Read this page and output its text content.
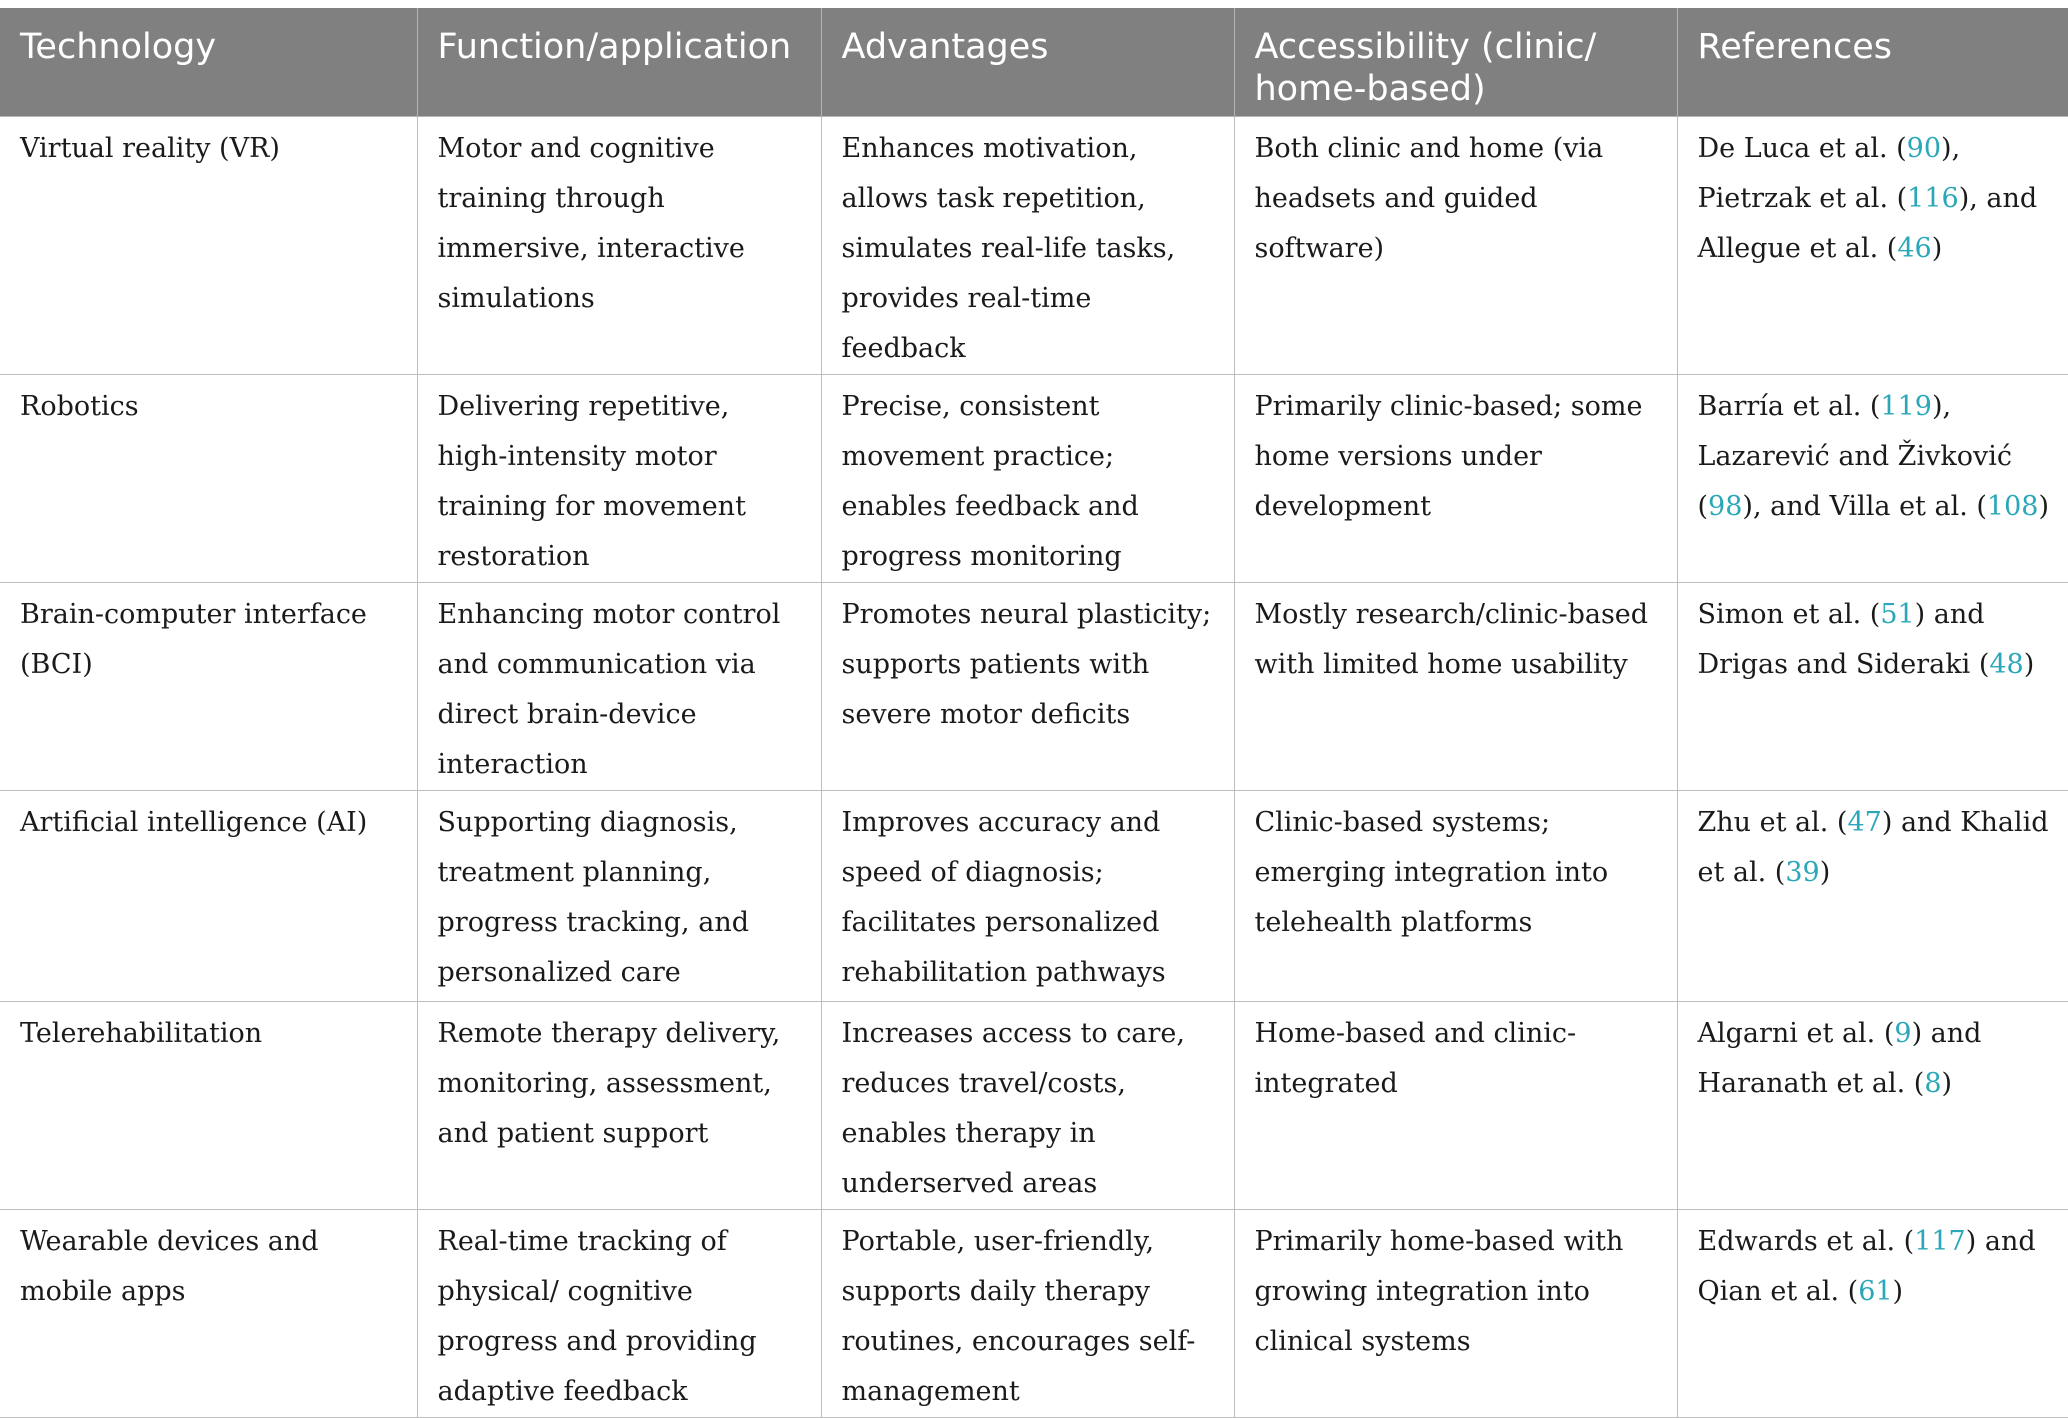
Technology	Function/application	Advantages	Accessibility (clinic/ home-based)	References
Virtual reality (VR)	Motor and cognitive training through immersive, interactive simulations	Enhances motivation, allows task repetition, simulates real-life tasks, provides real-time feedback	Both clinic and home (via headsets and guided software)	De Luca et al. (90), Pietrzak et al. (116), and Allegue et al. (46)
Robotics	Delivering repetitive, high-intensity motor training for movement restoration	Precise, consistent movement practice; enables feedback and progress monitoring	Primarily clinic-based; some home versions under development	Barría et al. (119), Lazarević and Živković (98), and Villa et al. (108)
Brain-computer interface (BCI)	Enhancing motor control and communication via direct brain-device interaction	Promotes neural plasticity; supports patients with severe motor deficits	Mostly research/clinic-based with limited home usability	Simon et al. (51) and Drigas and Sideraki (48)
Artificial intelligence (AI)	Supporting diagnosis, treatment planning, progress tracking, and personalized care	Improves accuracy and speed of diagnosis; facilitates personalized rehabilitation pathways	Clinic-based systems; emerging integration into telehealth platforms	Zhu et al. (47) and Khalid et al. (39)
Telerehabilitation	Remote therapy delivery, monitoring, assessment, and patient support	Increases access to care, reduces travel/costs, enables therapy in underserved areas	Home-based and clinic-integrated	Algarni et al. (9) and Haranath et al. (8)
Wearable devices and mobile apps	Real-time tracking of physical/ cognitive progress and providing adaptive feedback	Portable, user-friendly, supports daily therapy routines, encourages self-management	Primarily home-based with growing integration into clinical systems	Edwards et al. (117) and Qian et al. (61)
